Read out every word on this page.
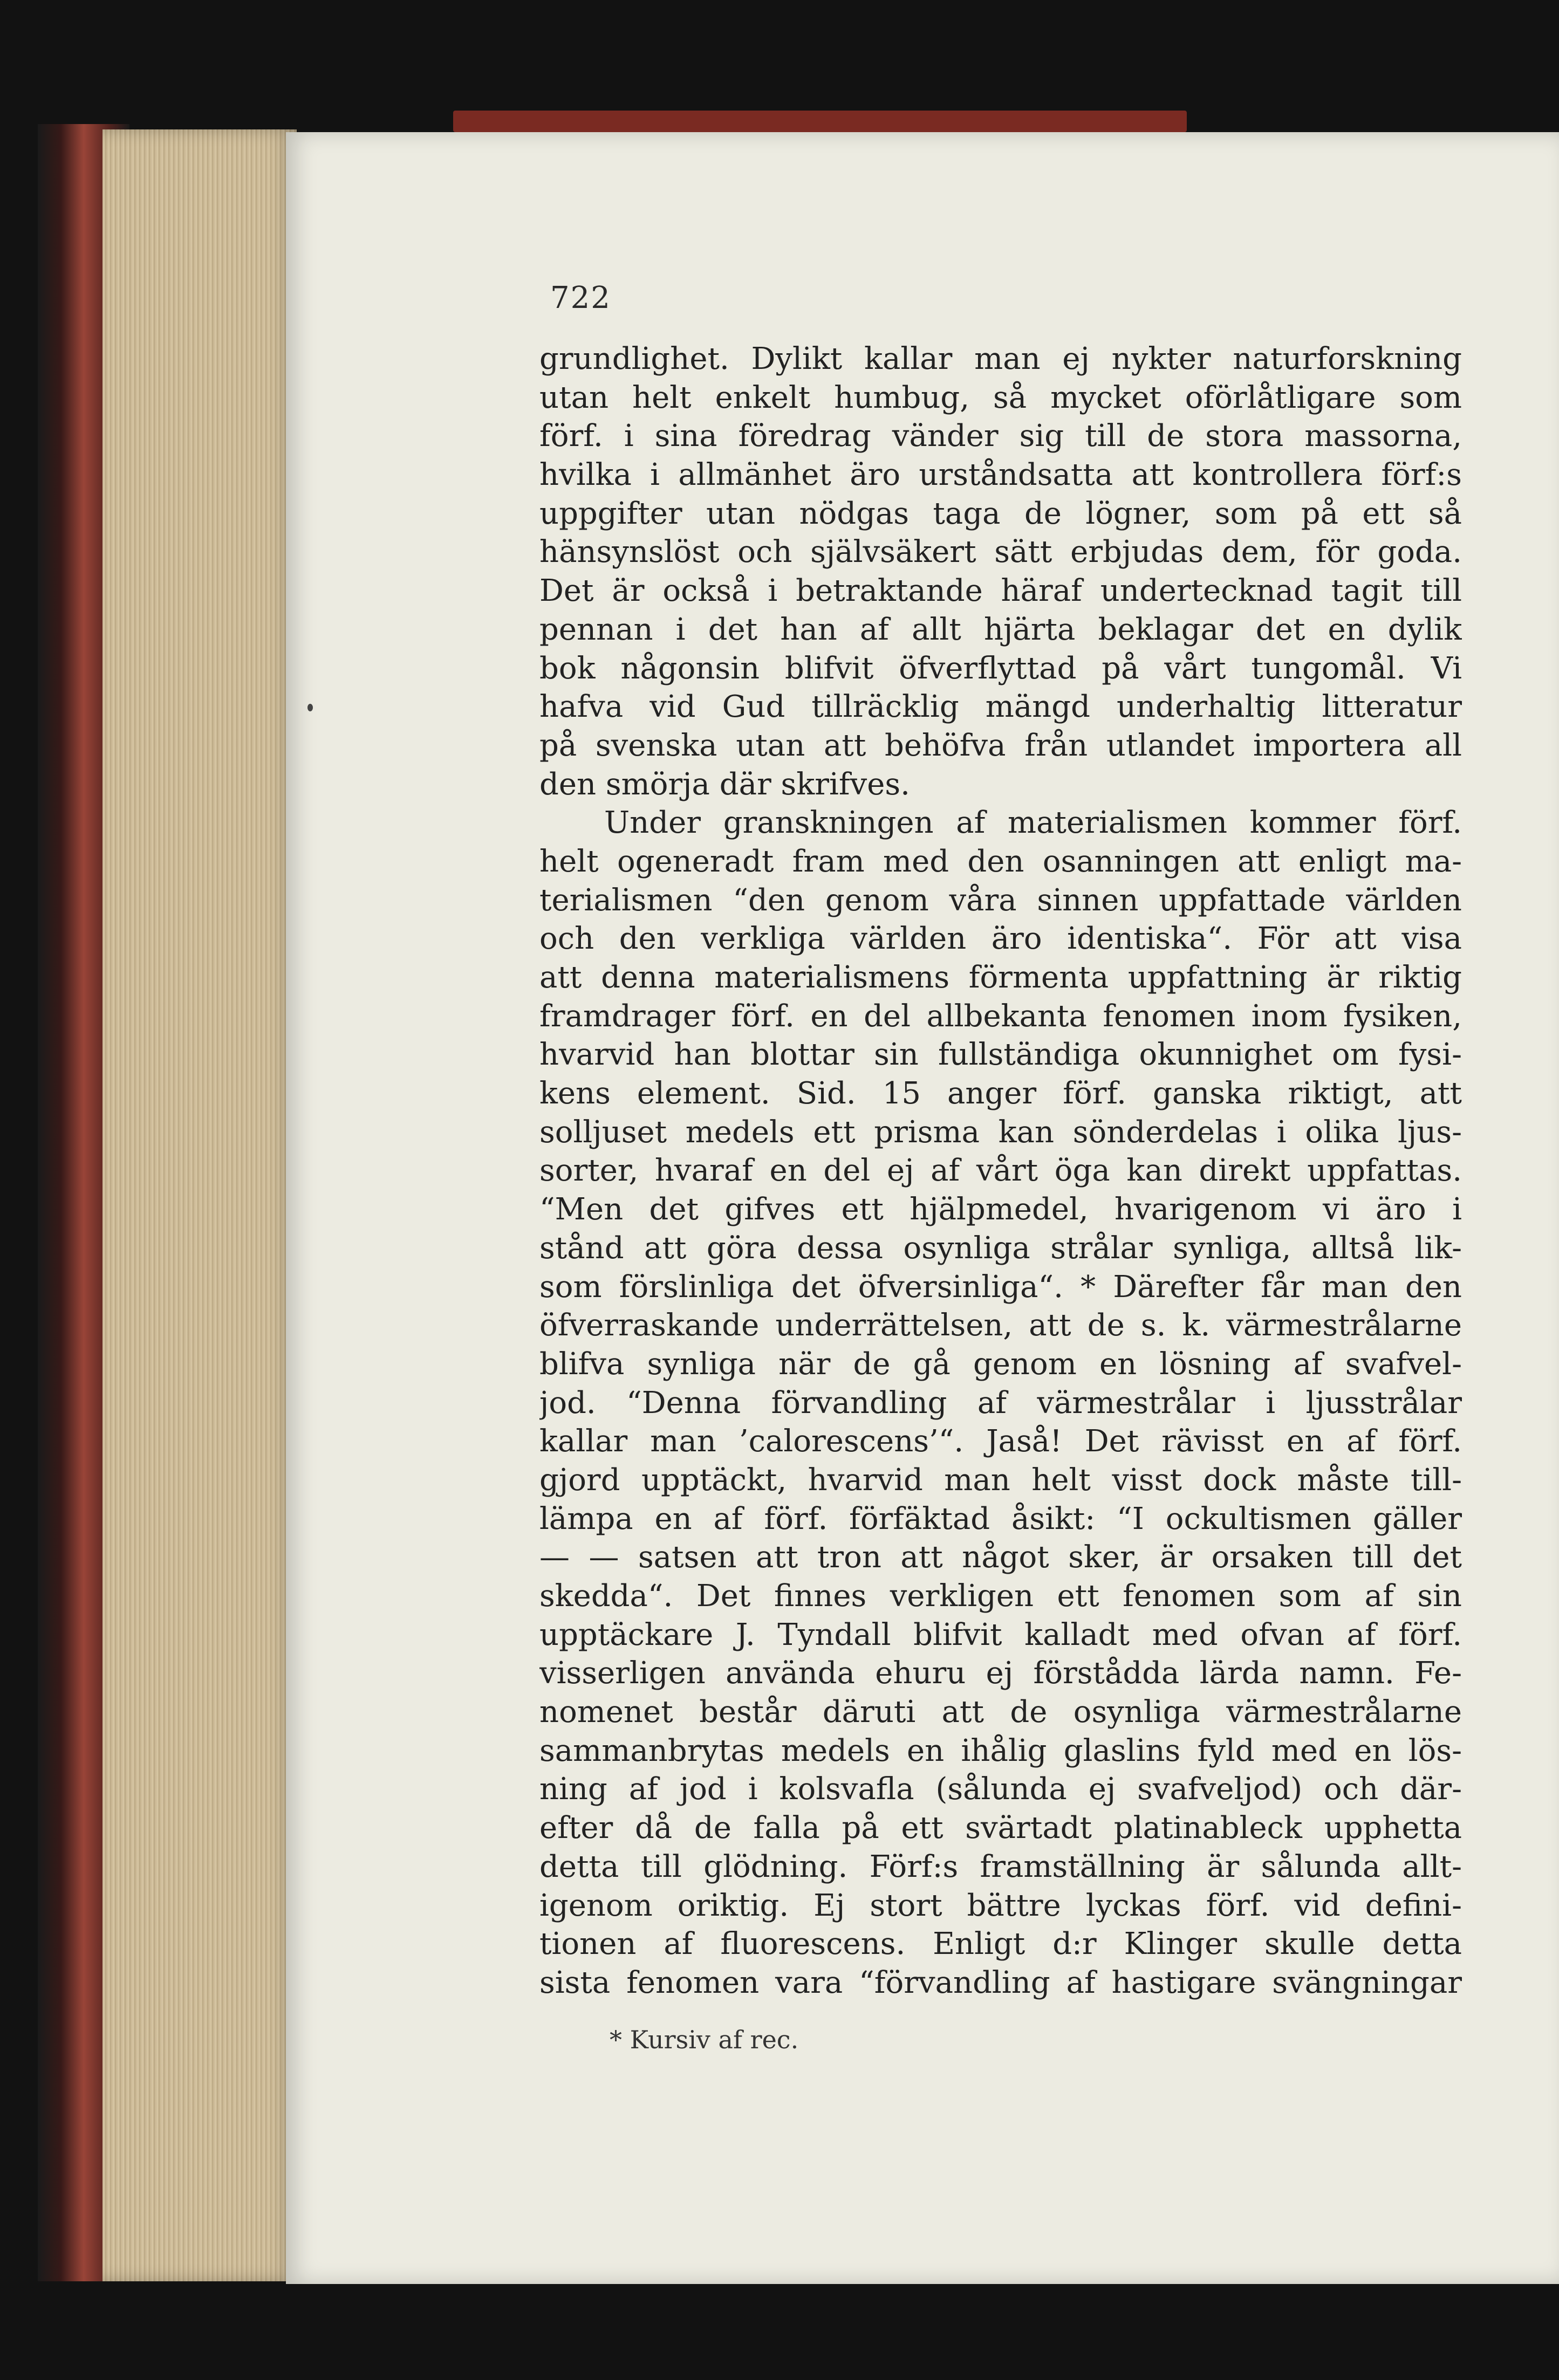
722
grundlighet. Dylikt kallar man ej nykter naturforskning
utan helt enkelt humbug, så mycket oförlåtligare som
förf. i sina föredrag vänder sig till de stora massorna,
hvilka i allmänhet äro urståndsatta att kontrollera förf:s
uppgifter utan nödgas taga de lögner, som på ett så
hänsynslöst och självsäkert sätt erbjudas dem, för goda.
Det är också i betraktande häraf undertecknad tagit till
pennan i det han af allt hjärta beklagar det en dylik
bok någonsin blifvit öfverflyttad på vårt tungomål. Vi
hafva vid Gud tillräcklig mängd underhaltig litteratur
på svenska utan att behöfva från utlandet importera all
den smörja där skrifves.
Under granskningen af materialismen kommer förf.
helt ogeneradt fram med den osanningen att enligt ma-
terialismen “den genom våra sinnen uppfattade världen
och den verkliga världen äro identiska“. För att visa
att denna materialismens förmenta uppfattning är riktig
framdrager förf. en del allbekanta fenomen inom fysiken,
hvarvid han blottar sin fullständiga okunnighet om fysi-
kens element. Sid. 15 anger förf. ganska riktigt, att
solljuset medels ett prisma kan sönderdelas i olika ljus-
sorter, hvaraf en del ej af vårt öga kan direkt uppfattas.
“Men det gifves ett hjälpmedel, hvarigenom vi äro i
stånd att göra dessa osynliga strålar synliga, alltså lik-
som förslinliga det öfversinliga“. * Därefter får man den
öfverraskande underrättelsen, att de s. k. värmestrålarne
blifva synliga när de gå genom en lösning af svafvel-
jod. “Denna förvandling af värmestrålar i ljusstrålar
kallar man ’calorescens’“. Jaså! Det rävisst en af förf.
gjord upptäckt, hvarvid man helt visst dock måste till-
lämpa en af förf. förfäktad åsikt: “I ockultismen gäller
— — satsen att tron att något sker, är orsaken till det
skedda“. Det finnes verkligen ett fenomen som af sin
upptäckare J. Tyndall blifvit kalladt med ofvan af förf.
visserligen använda ehuru ej förstådda lärda namn. Fe-
nomenet består däruti att de osynliga värmestrålarne
sammanbrytas medels en ihålig glaslins fyld med en lös-
ning af jod i kolsvafla (sålunda ej svafveljod) och där-
efter då de falla på ett svärtadt platinableck upphetta
detta till glödning. Förf:s framställning är sålunda allt-
igenom oriktig. Ej stort bättre lyckas förf. vid defini-
tionen af fluorescens. Enligt d:r Klinger skulle detta
sista fenomen vara “förvandling af hastigare svängningar
* Kursiv af rec.
